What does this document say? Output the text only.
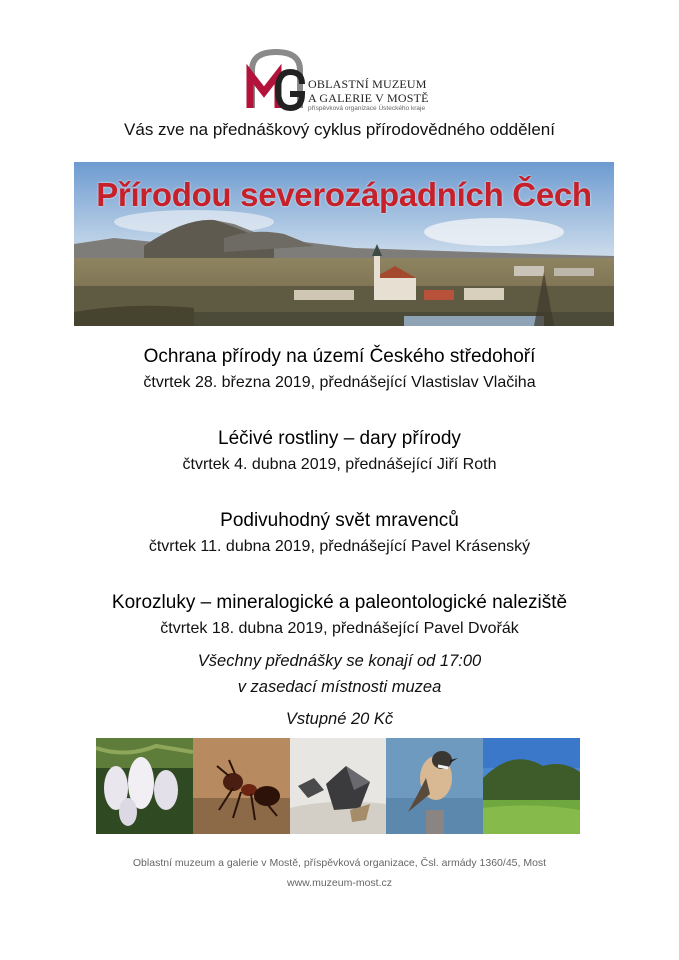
OBLASTNÍ MUZEUM
A GALERIE V MOSTĚ
příspěvková organizace Ústeckého kraje
Vás zve na přednáškový cyklus přírodovědného oddělení
Přírodou severozápadních Čech
Ochrana přírody na území Českého středohoří
čtvrtek 28. března 2019, přednášející Vlastislav Vlačiha
Léčivé rostliny – dary přírody
čtvrtek 4. dubna 2019, přednášející Jiří Roth
Podivuhodný svět mravenců
čtvrtek 11. dubna 2019, přednášející Pavel Krásenský
Korozluky – mineralogické a paleontologické naleziště
čtvrtek 18. dubna 2019, přednášející Pavel Dvořák
Všechny přednášky se konají od 17:00
v zasedací místnosti muzea
Vstupné 20 Kč
Oblastní muzeum a galerie v Mostě, příspěvková organizace, Čsl. armády 1360/45, Most
www.muzeum-most.cz
